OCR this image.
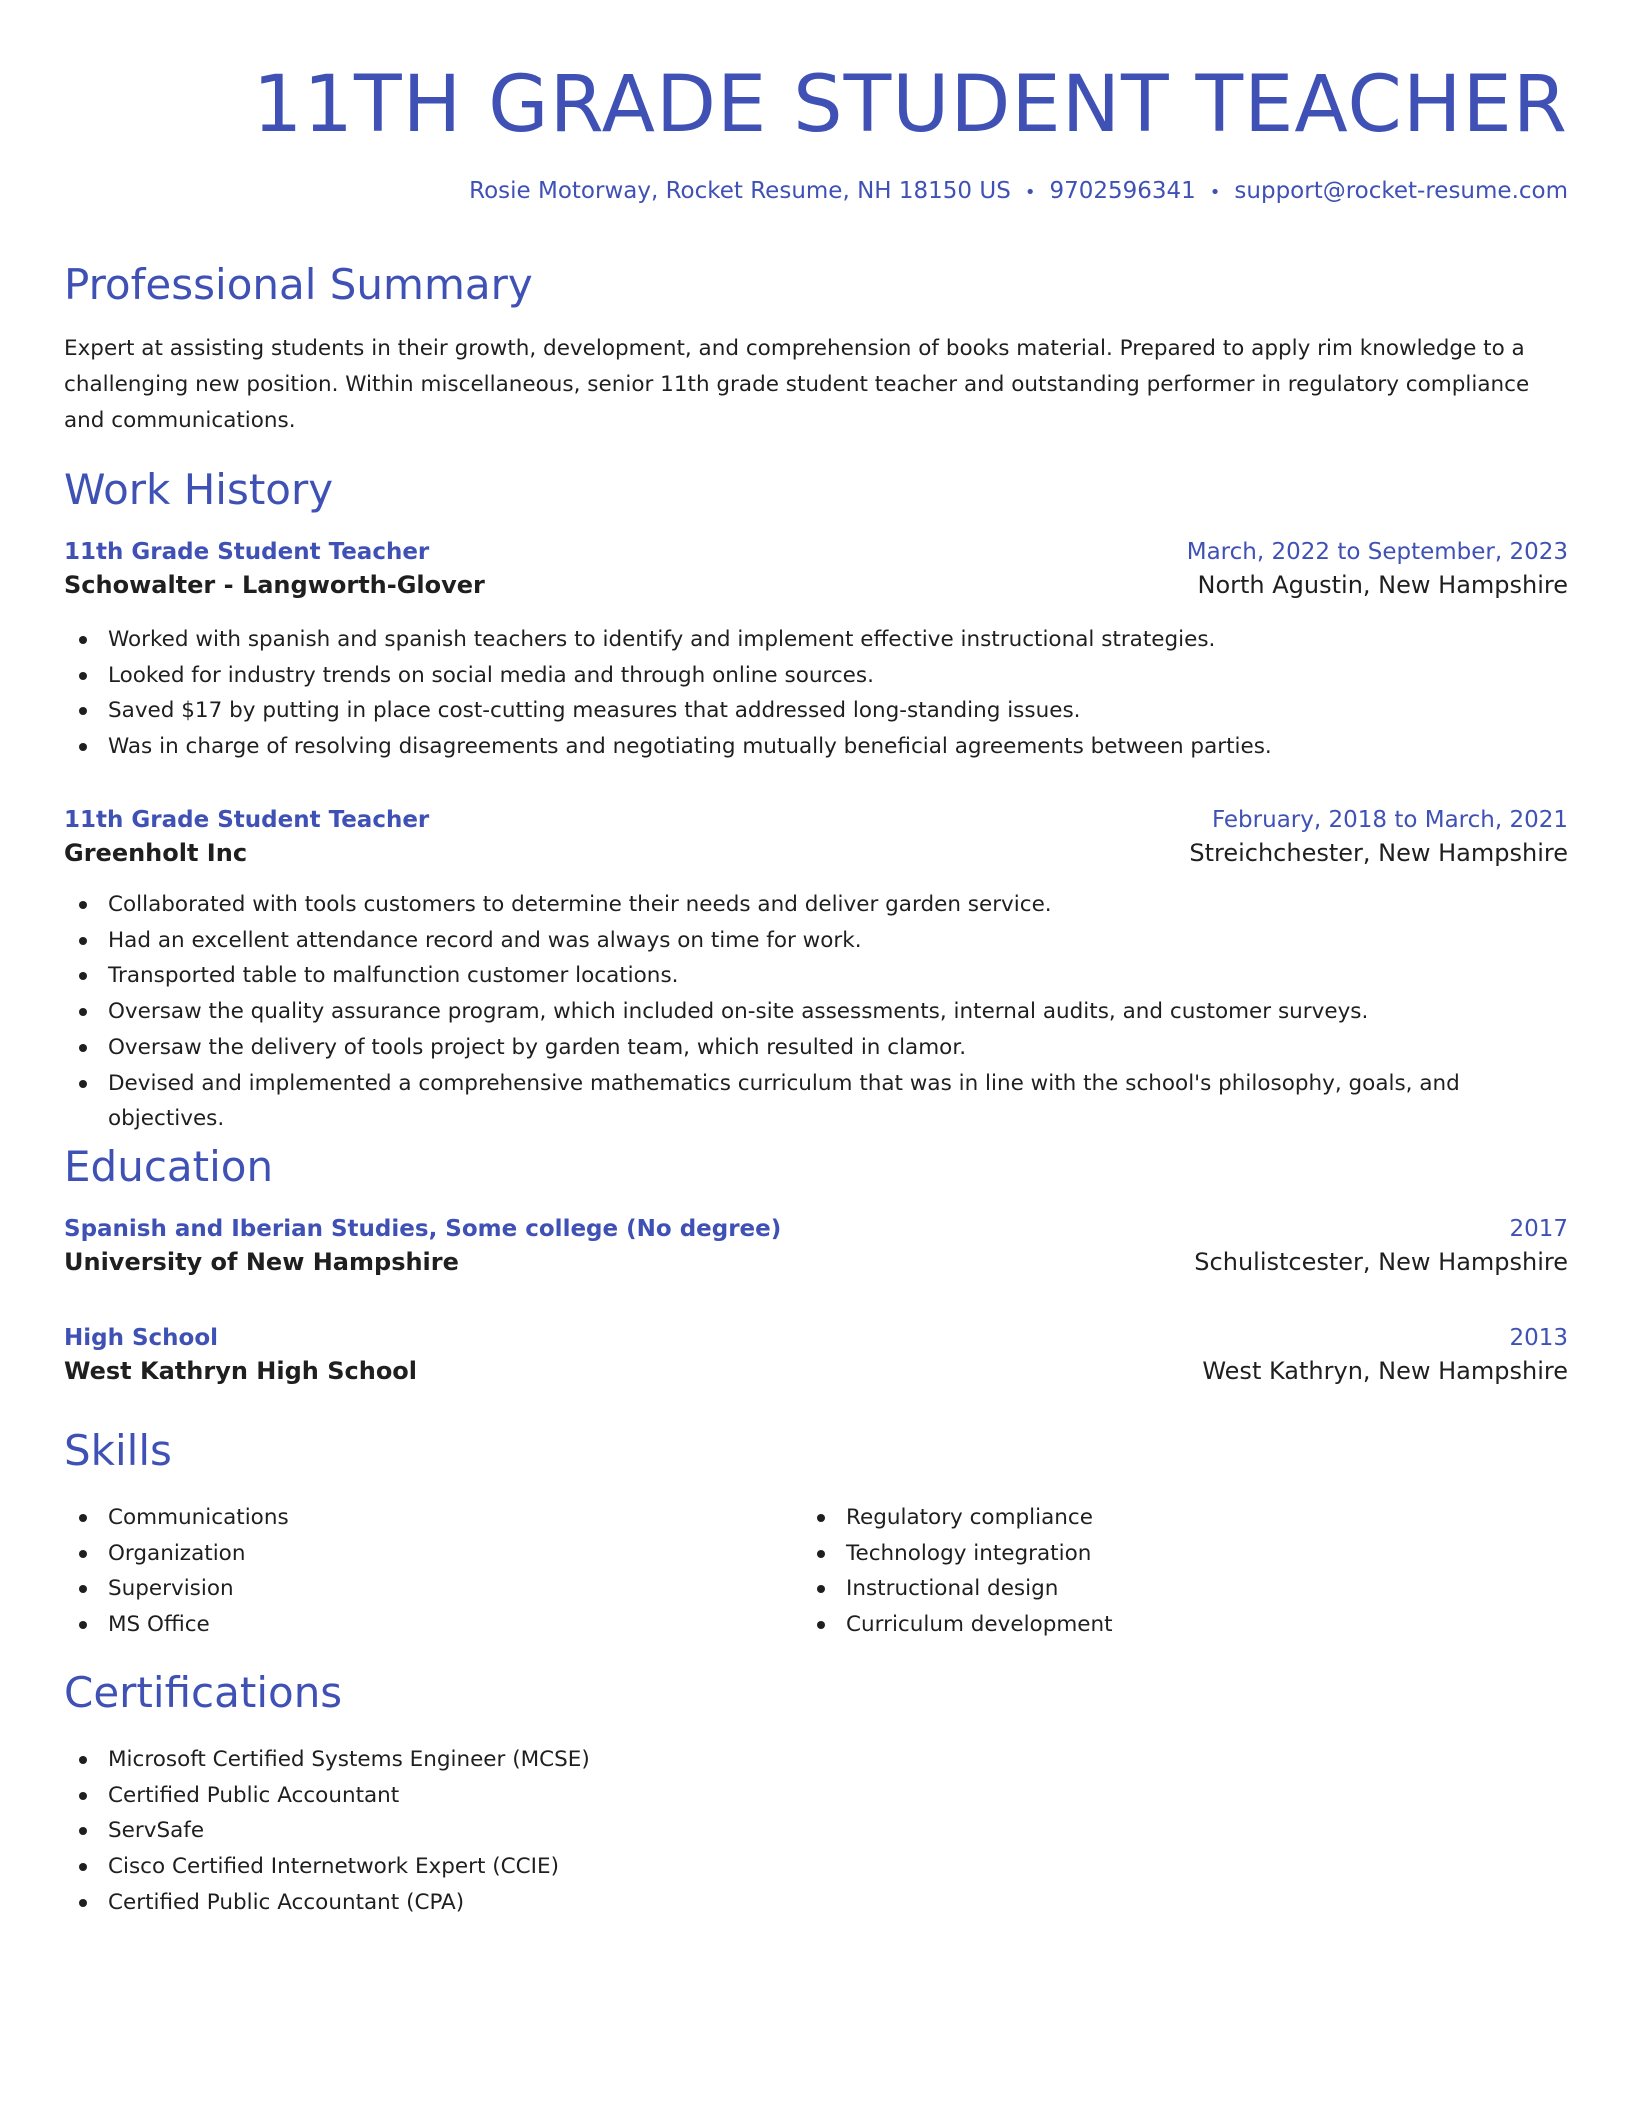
11TH GRADE STUDENT TEACHER
Rosie Motorway, Rocket Resume, NH 18150 US • 9702596341 • support@rocket-resume.com
Professional Summary
Expert at assisting students in their growth, development, and comprehension of books material. Prepared to apply rim knowledge to a challenging new position. Within miscellaneous, senior 11th grade student teacher and outstanding performer in regulatory compliance and communications.
Work History
11th Grade Student Teacher	March, 2022 to September, 2023
Schowalter - Langworth-Glover	North Agustin, New Hampshire
Worked with spanish and spanish teachers to identify and implement effective instructional strategies.
Looked for industry trends on social media and through online sources.
Saved $17 by putting in place cost-cutting measures that addressed long-standing issues.
Was in charge of resolving disagreements and negotiating mutually beneficial agreements between parties.
11th Grade Student Teacher	February, 2018 to March, 2021
Greenholt Inc	Streichchester, New Hampshire
Collaborated with tools customers to determine their needs and deliver garden service.
Had an excellent attendance record and was always on time for work.
Transported table to malfunction customer locations.
Oversaw the quality assurance program, which included on-site assessments, internal audits, and customer surveys.
Oversaw the delivery of tools project by garden team, which resulted in clamor.
Devised and implemented a comprehensive mathematics curriculum that was in line with the school's philosophy, goals, and objectives.
Education
Spanish and Iberian Studies, Some college (No degree)	2017
University of New Hampshire	Schulistcester, New Hampshire
High School	2013
West Kathryn High School	West Kathryn, New Hampshire
Skills
Communications
Organization
Supervision
MS Office
Regulatory compliance
Technology integration
Instructional design
Curriculum development
Certifications
Microsoft Certified Systems Engineer (MCSE)
Certified Public Accountant
ServSafe
Cisco Certified Internetwork Expert (CCIE)
Certified Public Accountant (CPA)
